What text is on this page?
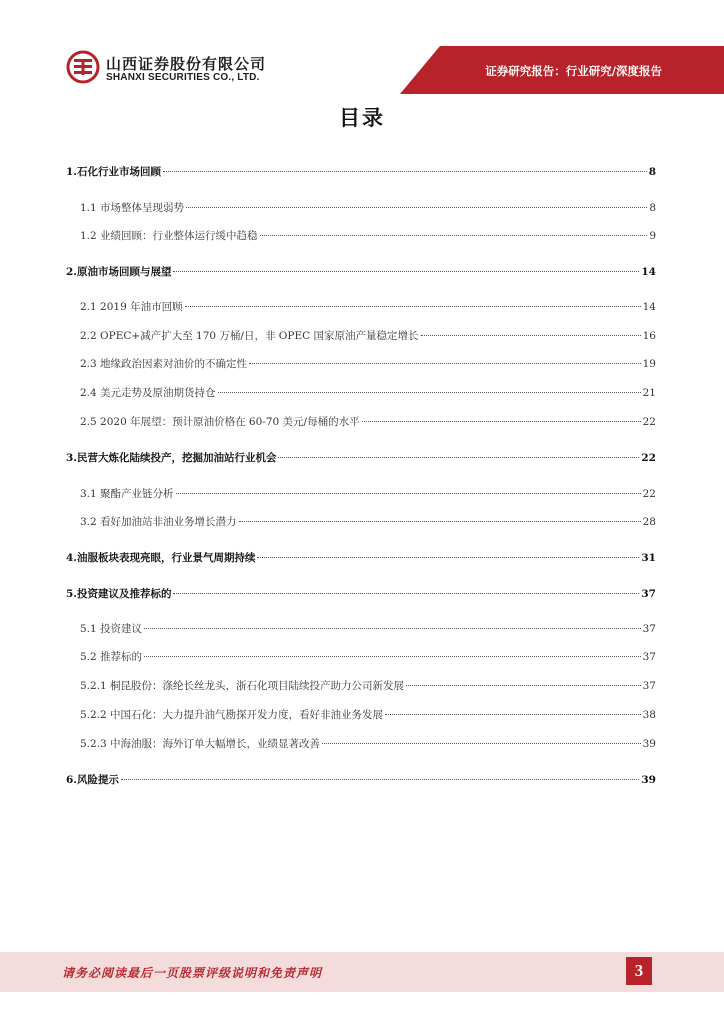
山西证券股份有限公司
SHANXI SECURITIES CO., LTD.	证券研究报告：行业研究/深度报告
目录
1.石化行业市场回顾	8
1.1 市场整体呈现弱势	8
1.2 业绩回顾：行业整体运行缓中趋稳	9
2.原油市场回顾与展望	14
2.1 2019 年油市回顾	14
2.2 OPEC+减产扩大至 170 万桶/日，非 OPEC 国家原油产量稳定增长	16
2.3 地缘政治因素对油价的不确定性	19
2.4 美元走势及原油期货持仓	21
2.5 2020 年展望：预计原油价格在 60-70 美元/每桶的水平	22
3.民营大炼化陆续投产，挖掘加油站行业机会	22
3.1 聚酯产业链分析	22
3.2 看好加油站非油业务增长潜力	28
4.油服板块表现亮眼，行业景气周期持续	31
5.投资建议及推荐标的	37
5.1 投资建议	37
5.2 推荐标的	37
5.2.1 桐昆股份：涤纶长丝龙头，浙石化项目陆续投产助力公司新发展	37
5.2.2 中国石化：大力提升油气勘探开发力度，看好非油业务发展	38
5.2.3 中海油服：海外订单大幅增长，业绩显著改善	39
6.风险提示	39
请务必阅读最后一页股票评级说明和免责声明	3
